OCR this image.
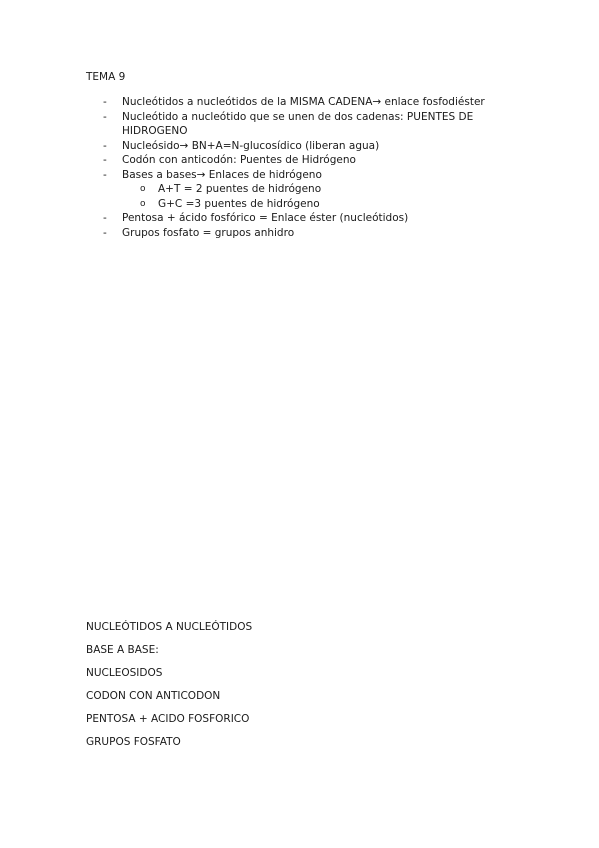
TEMA 9
- Nucleótidos a nucleótidos de la MISMA CADENA→ enlace fosfodiéster
- Nucleótido a nucleótido que se unen de dos cadenas: PUENTES DE HIDROGENO
- Nucleósido→ BN+A=N-glucosídico (liberan agua)
- Codón con anticodón: Puentes de Hidrógeno
- Bases a bases→ Enlaces de hidrógeno
o A+T = 2 puentes de hidrógeno
o G+C =3 puentes de hidrógeno
- Pentosa + ácido fosfórico = Enlace éster (nucleótidos)
- Grupos fosfato = grupos anhidro
NUCLEÓTIDOS A NUCLEÓTIDOS
BASE A BASE:
NUCLEOSIDOS
CODON CON ANTICODON
PENTOSA + ACIDO FOSFORICO
GRUPOS FOSFATO
